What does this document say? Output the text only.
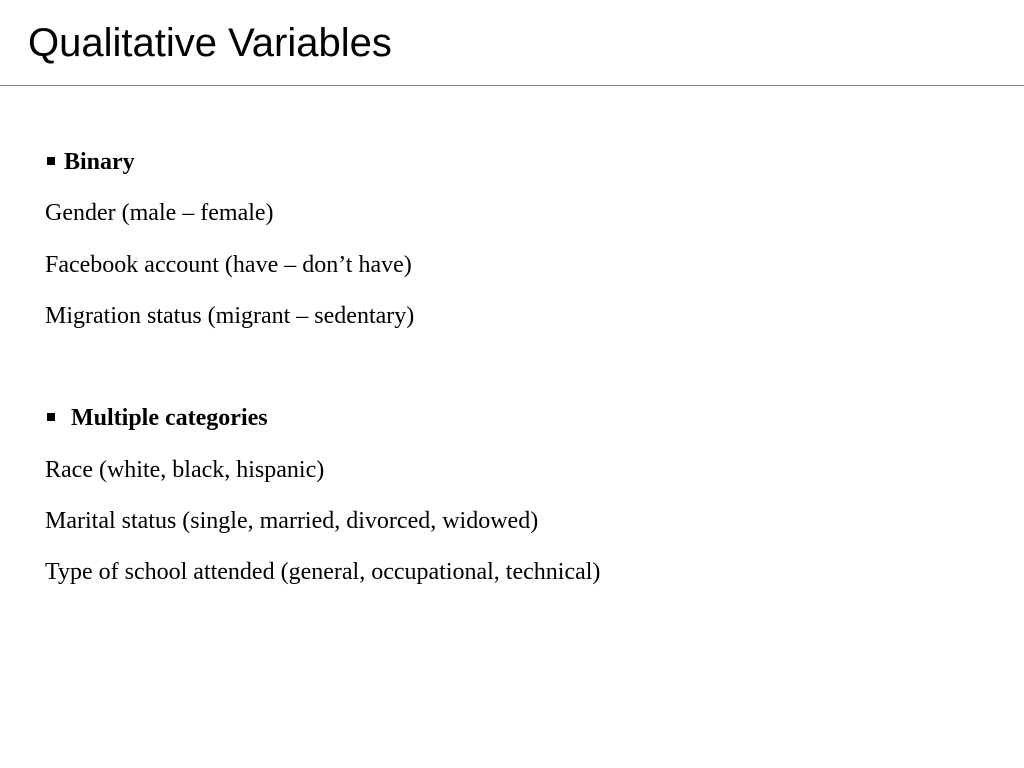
Qualitative Variables
Binary
Gender (male – female)
Facebook account (have – don’t have)
Migration status (migrant – sedentary)
Multiple categories
Race (white, black, hispanic)
Marital status (single, married, divorced, widowed)
Type of school attended (general, occupational, technical)
